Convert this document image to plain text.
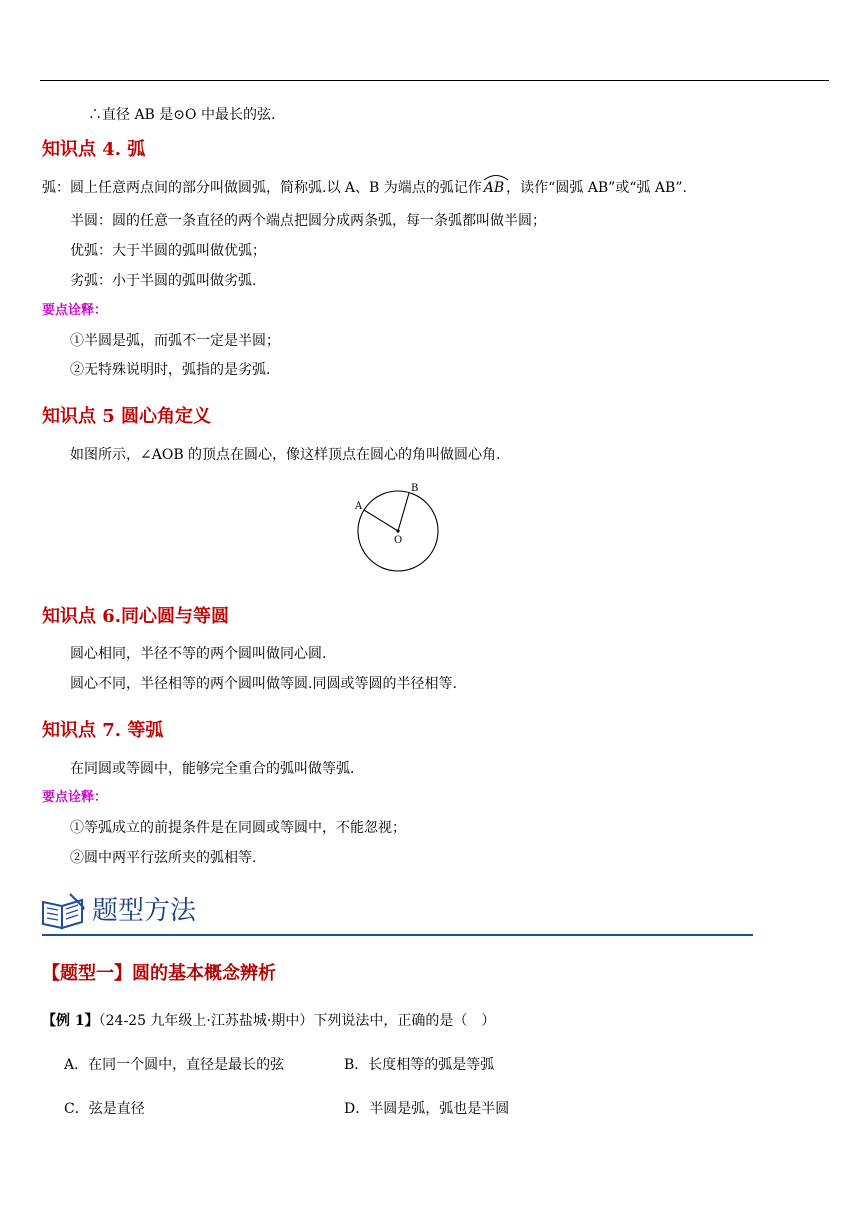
∴直径 AB 是⊙O 中最长的弦.
知识点 4. 弧
弧：圆上任意两点间的部分叫做圆弧，简称弧.以 A、B 为端点的弧记作 AB ，读作“圆弧 AB”或“弧 AB”.
半圆：圆的任意一条直径的两个端点把圆分成两条弧，每一条弧都叫做半圆；
优弧：大于半圆的弧叫做优弧；
劣弧：小于半圆的弧叫做劣弧.
要点诠释：
①半圆是弧，而弧不一定是半圆；
②无特殊说明时，弧指的是劣弧.
知识点 5 圆心角定义
如图所示，∠AOB 的顶点在圆心，像这样顶点在圆心的角叫做圆心角.
A
B
O
知识点 6.同心圆与等圆
圆心相同，半径不等的两个圆叫做同心圆.
圆心不同，半径相等的两个圆叫做等圆.同圆或等圆的半径相等.
知识点 7. 等弧
在同圆或等圆中，能够完全重合的弧叫做等弧.
要点诠释：
①等弧成立的前提条件是在同圆或等圆中，不能忽视；
②圆中两平行弦所夹的弧相等.
题型方法
【题型一】圆的基本概念辨析
【例 1】（24-25 九年级上·江苏盐城·期中）下列说法中，正确的是（　）
A．在同一个圆中，直径是最长的弦	B．长度相等的弧是等弧
C．弦是直径	D．半圆是弧，弧也是半圆
